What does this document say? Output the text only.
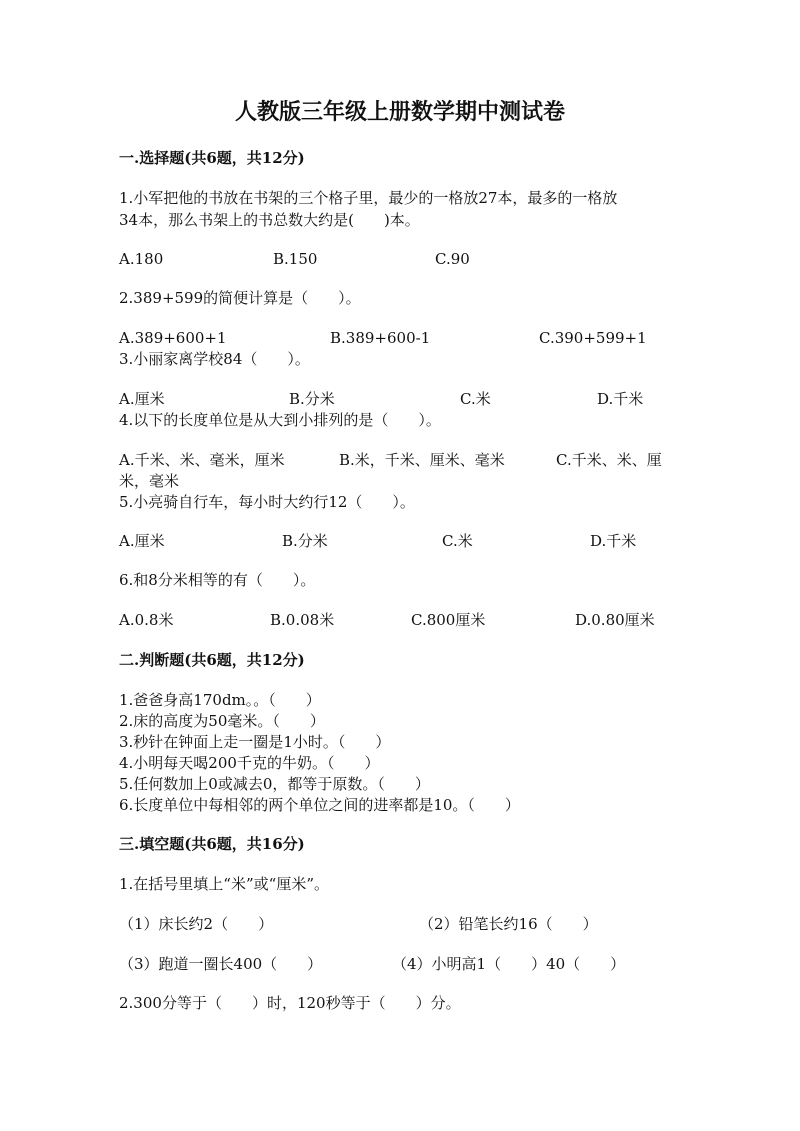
人教版三年级上册数学期中测试卷
一.选择题(共6题，共12分)
1.小军把他的书放在书架的三个格子里，最少的一格放27本，最多的一格放
34本，那么书架上的书总数大约是(　　)本。
A.180	B.150	C.90
2.389+599的简便计算是（　　）。
A.389+600+1	B.389+600-1	C.390+599+1
3.小丽家离学校84（　　）。
A.厘米	B.分米	C.米	D.千米
4.以下的长度单位是从大到小排列的是（　　）。
A.千米、米、毫米，厘米	B.米，千米、厘米、毫米	C.千米、米、厘
米，毫米
5.小亮骑自行车，每小时大约行12（　　）。
A.厘米	B.分米	C.米	D.千米
6.和8分米相等的有（　　）。
A.0.8米	B.0.08米	C.800厘米	D.0.80厘米
二.判断题(共6题，共12分)
1.爸爸身高170dm。。（　　）
2.床的高度为50毫米。（　　）
3.秒针在钟面上走一圈是1小时。（　　）
4.小明每天喝200千克的牛奶。（　　）
5.任何数加上0或减去0，都等于原数。（　　）
6.长度单位中每相邻的两个单位之间的进率都是10。（　　）
三.填空题(共6题，共16分)
1.在括号里填上“米”或“厘米”。
（1）床长约2（　　）	（2）铅笔长约16（　　）
（3）跑道一圈长400（　　）	（4）小明高1（　　）40（　　）
2.300分等于（　　）时，120秒等于（　　）分。
